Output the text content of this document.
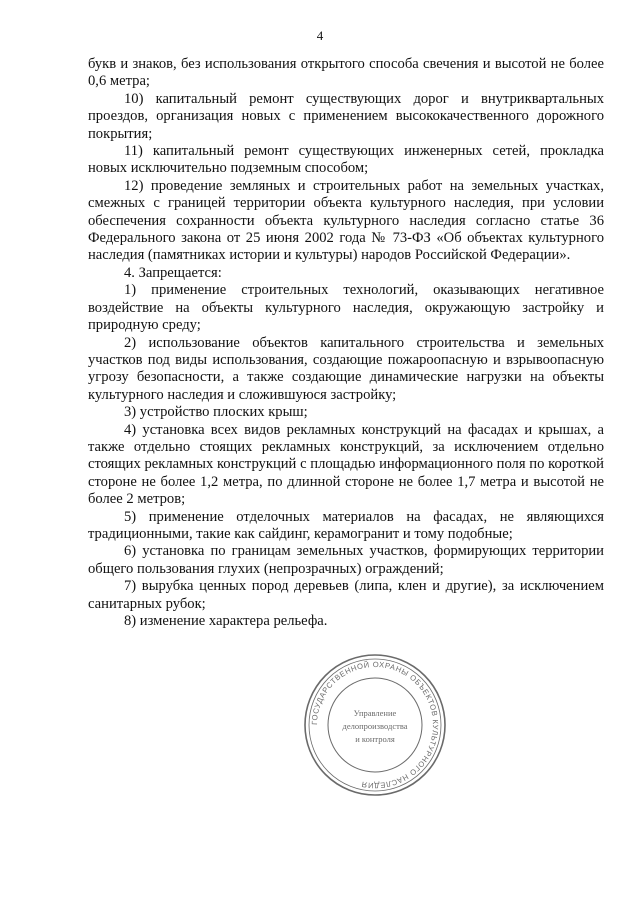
4

букв и знаков, без использования открытого способа свечения и высотой не более 0,6 метра;

10) капитальный ремонт существующих дорог и внутриквартальных проездов, организация новых с применением высококачественного дорожного покрытия;

11) капитальный ремонт существующих инженерных сетей, прокладка новых исключительно подземным способом;

12) проведение земляных и строительных работ на земельных участках, смежных с границей территории объекта культурного наследия, при условии обеспечения сохранности объекта культурного наследия согласно статье 36 Федерального закона от 25 июня 2002 года № 73-ФЗ «Об объектах культурного наследия (памятниках истории и культуры) народов Российской Федерации».

4. Запрещается:

1) применение строительных технологий, оказывающих негативное воздействие на объекты культурного наследия, окружающую застройку и природную среду;

2) использование объектов капитального строительства и земельных участков под виды использования, создающие пожароопасную и взрывоопасную угрозу безопасности, а также создающие динамические нагрузки на объекты культурного наследия и сложившуюся застройку;

3) устройство плоских крыш;

4) установка всех видов рекламных конструкций на фасадах и крышах, а также отдельно стоящих рекламных конструкций, за исключением отдельно стоящих рекламных конструкций с площадью информационного поля по короткой стороне не более 1,2 метра, по длинной стороне не более 1,7 метра и высотой не более 2 метров;

5) применение отделочных материалов на фасадах, не являющихся традиционными, такие как сайдинг, керамогранит и тому подобные;

6) установка по границам земельных участков, формирующих территории общего пользования глухих (непрозрачных) ограждений;

7) вырубка ценных пород деревьев (липа, клен и другие), за исключением санитарных рубок;

8) изменение характера рельефа.

ГОСУДАРСТВЕННОЙ ОХРАНЫ ОБЪЕКТОВ КУЛЬТУРНОГО НАСЛЕДИЯ
Управление
делопроизводства
и контроля
